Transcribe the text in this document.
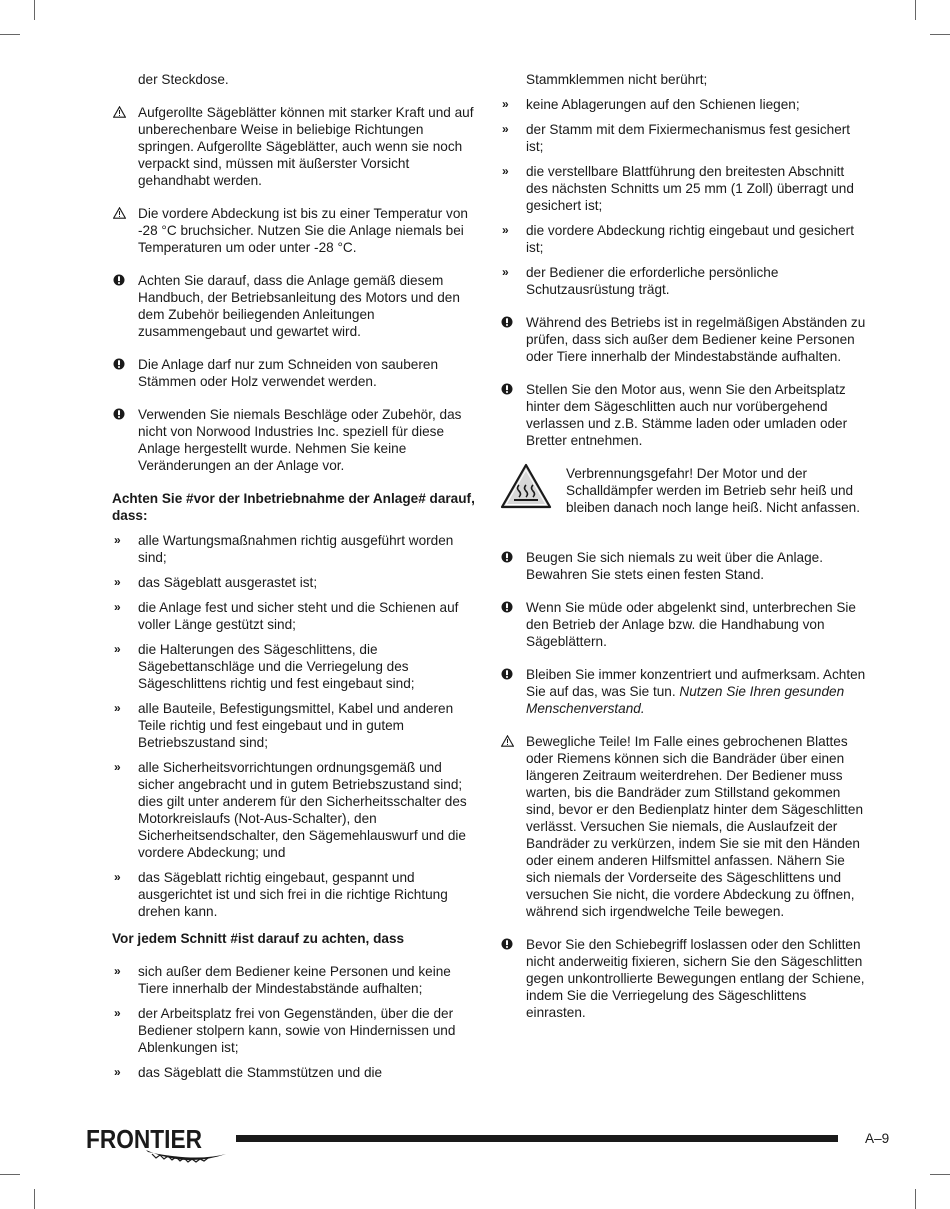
der Steckdose.
Aufgerollte Sägeblätter können mit starker Kraft und auf unberechenbare Weise in beliebige Richtungen springen. Aufgerollte Sägeblätter, auch wenn sie noch verpackt sind, müssen mit äußerster Vorsicht gehandhabt werden.
Die vordere Abdeckung ist bis zu einer Temperatur von -28 °C bruchsicher. Nutzen Sie die Anlage niemals bei Temperaturen um oder unter -28 °C.
Achten Sie darauf, dass die Anlage gemäß diesem Handbuch, der Betriebsanleitung des Motors und den dem Zubehör beiliegenden Anleitungen zusammengebaut und gewartet wird.
Die Anlage darf nur zum Schneiden von sauberen Stämmen oder Holz verwendet werden.
Verwenden Sie niemals Beschläge oder Zubehör, das nicht von Norwood Industries Inc. speziell für diese Anlage hergestellt wurde. Nehmen Sie keine Veränderungen an der Anlage vor.
Achten Sie #vor der Inbetriebnahme der Anlage# darauf, dass:
» alle Wartungsmaßnahmen richtig ausgeführt worden sind;
» das Sägeblatt ausgerastet ist;
» die Anlage fest und sicher steht und die Schienen auf voller Länge gestützt sind;
» die Halterungen des Sägeschlittens, die Sägebettanschläge und die Verriegelung des Sägeschlittens richtig und fest eingebaut sind;
» alle Bauteile, Befestigungsmittel, Kabel und anderen Teile richtig und fest eingebaut und in gutem Betriebszustand sind;
» alle Sicherheitsvorrichtungen ordnungsgemäß und sicher angebracht und in gutem Betriebszustand sind; dies gilt unter anderem für den Sicherheitsschalter des Motorkreislaufs (Not-Aus-Schalter), den Sicherheitsendschalter, den Sägemehlauswurf und die vordere Abdeckung; und
» das Sägeblatt richtig eingebaut, gespannt und ausgerichtet ist und sich frei in die richtige Richtung drehen kann.
Vor jedem Schnitt #ist darauf zu achten, dass
» sich außer dem Bediener keine Personen und keine Tiere innerhalb der Mindestabstände aufhalten;
» der Arbeitsplatz frei von Gegenständen, über die der Bediener stolpern kann, sowie von Hindernissen und Ablenkungen ist;
» das Sägeblatt die Stammstützen und die
Stammklemmen nicht berührt;
» keine Ablagerungen auf den Schienen liegen;
» der Stamm mit dem Fixiermechanismus fest gesichert ist;
» die verstellbare Blattführung den breitesten Abschnitt des nächsten Schnitts um 25 mm (1 Zoll) überragt und gesichert ist;
» die vordere Abdeckung richtig eingebaut und gesichert ist;
» der Bediener die erforderliche persönliche Schutzausrüstung trägt.
Während des Betriebs ist in regelmäßigen Abständen zu prüfen, dass sich außer dem Bediener keine Personen oder Tiere innerhalb der Mindestabstände aufhalten.
Stellen Sie den Motor aus, wenn Sie den Arbeitsplatz hinter dem Sägeschlitten auch nur vorübergehend verlassen und z.B. Stämme laden oder umladen oder Bretter entnehmen.
Verbrennungsgefahr! Der Motor und der Schalldämpfer werden im Betrieb sehr heiß und bleiben danach noch lange heiß. Nicht anfassen.
Beugen Sie sich niemals zu weit über die Anlage. Bewahren Sie stets einen festen Stand.
Wenn Sie müde oder abgelenkt sind, unterbrechen Sie den Betrieb der Anlage bzw. die Handhabung von Sägeblättern.
Bleiben Sie immer konzentriert und aufmerksam. Achten Sie auf das, was Sie tun. Nutzen Sie Ihren gesunden Menschenverstand.
Bewegliche Teile! Im Falle eines gebrochenen Blattes oder Riemens können sich die Bandräder über einen längeren Zeitraum weiterdrehen. Der Bediener muss warten, bis die Bandräder zum Stillstand gekommen sind, bevor er den Bedienplatz hinter dem Sägeschlitten verlässt. Versuchen Sie niemals, die Auslaufzeit der Bandräder zu verkürzen, indem Sie sie mit den Händen oder einem anderen Hilfsmittel anfassen. Nähern Sie sich niemals der Vorderseite des Sägeschlittens und versuchen Sie nicht, die vordere Abdeckung zu öffnen, während sich irgendwelche Teile bewegen.
Bevor Sie den Schiebegriff loslassen oder den Schlitten nicht anderweitig fixieren, sichern Sie den Sägeschlitten gegen unkontrollierte Bewegungen entlang der Schiene, indem Sie die Verriegelung des Sägeschlittens einrasten.
FRONTIER	A–9
